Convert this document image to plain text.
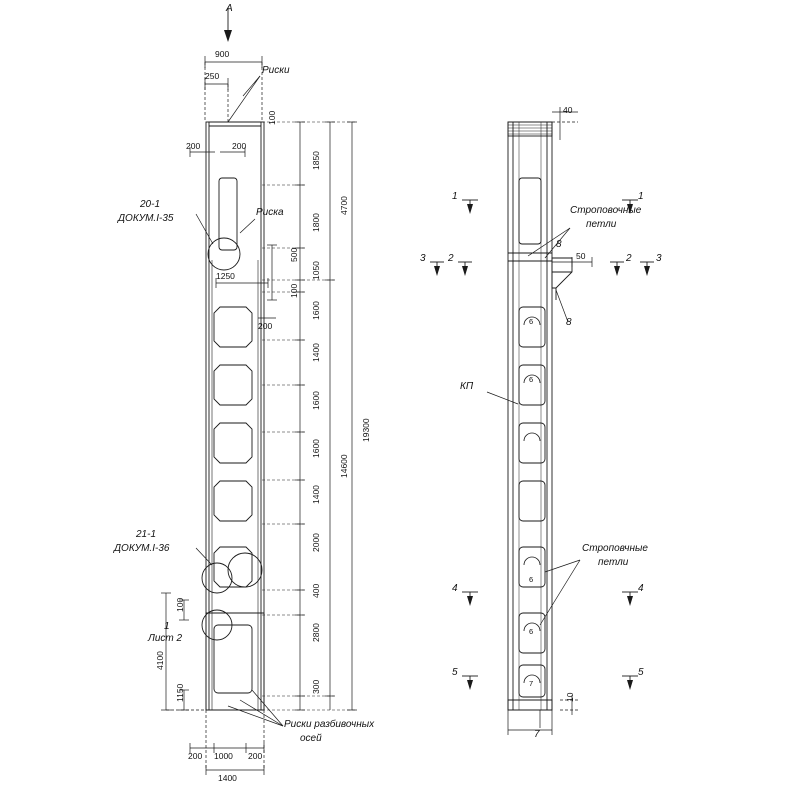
900
250	Риски
200	200
100
1850
1800
1050
500
100
1600
1400
1600
1600
1400
2000
400
2800
300
4700
14600
19300
1250
200
20-1
ДОКУМ.I-35
Риска
21-1
ДОКУМ.I-36
1
Лист 2
Риски разбивочных
осей
200 1000 200
1400
4100
1150
100
A
40
50
10
Строповочные
петли
Строповчные
петли
КП
1
3 2
4
5
1
2 3
4
5
8
8
7
6
6
6
6
7
